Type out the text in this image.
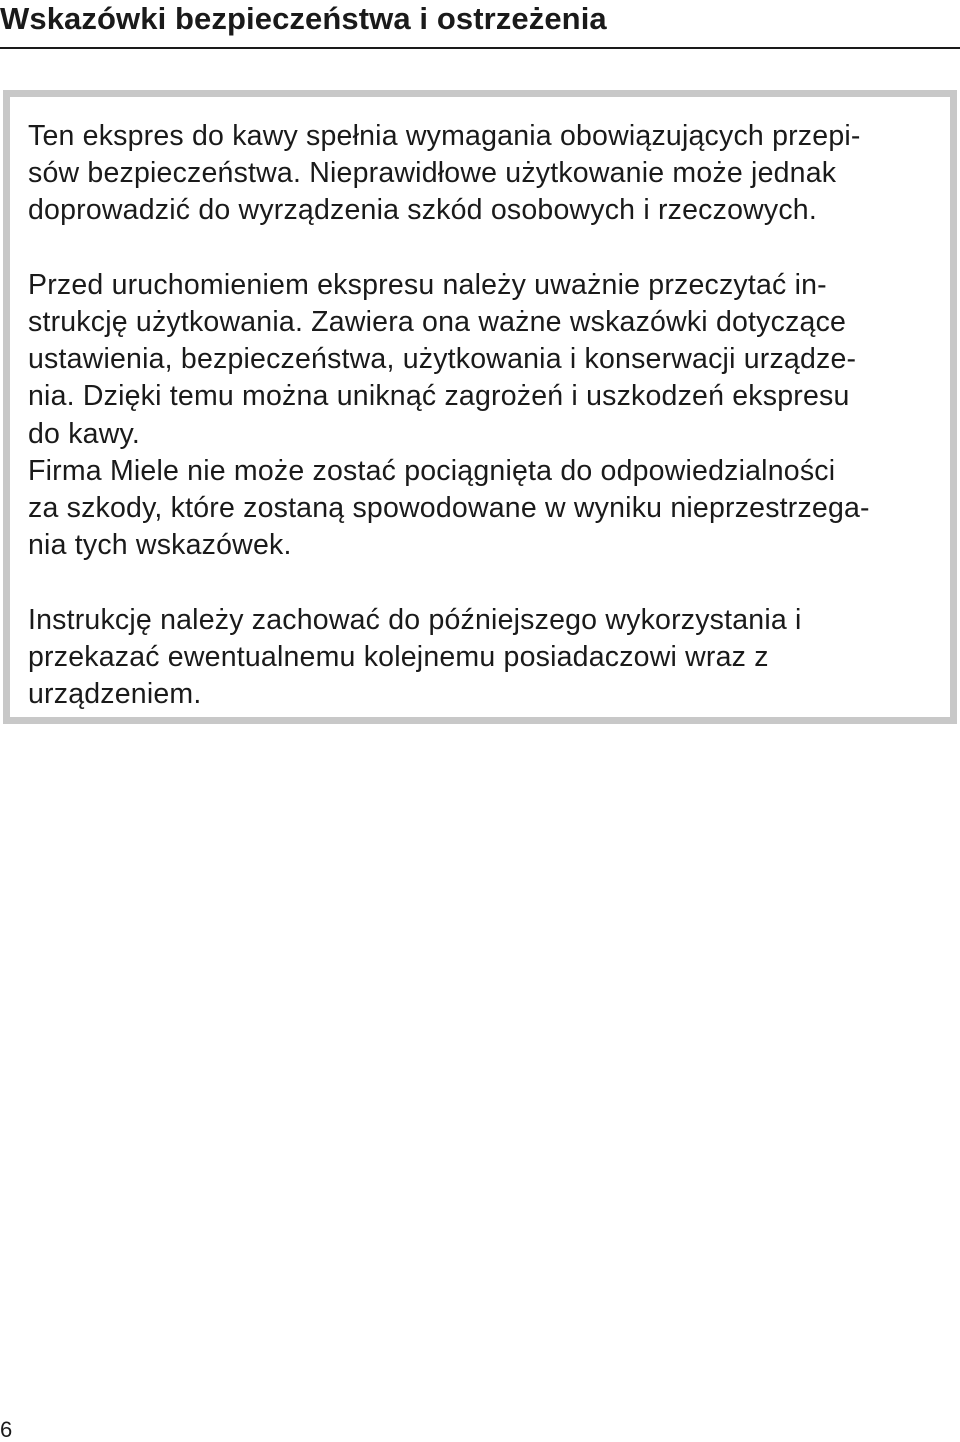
Wskazówki bezpieczeństwa i ostrzeżenia
Ten ekspres do kawy spełnia wymagania obowiązujących przepi-
sów bezpieczeństwa. Nieprawidłowe użytkowanie może jednak
doprowadzić do wyrządzenia szkód osobowych i rzeczowych.
Przed uruchomieniem ekspresu należy uważnie przeczytać in-
strukcję użytkowania. Zawiera ona ważne wskazówki dotyczące
ustawienia, bezpieczeństwa, użytkowania i konserwacji urządze-
nia. Dzięki temu można uniknąć zagrożeń i uszkodzeń ekspresu
do kawy.
Firma Miele nie może zostać pociągnięta do odpowiedzialności
za szkody, które zostaną spowodowane w wyniku nieprzestrzega-
nia tych wskazówek.
Instrukcję należy zachować do późniejszego wykorzystania i
przekazać ewentualnemu kolejnemu posiadaczowi wraz z
urządzeniem.
6
